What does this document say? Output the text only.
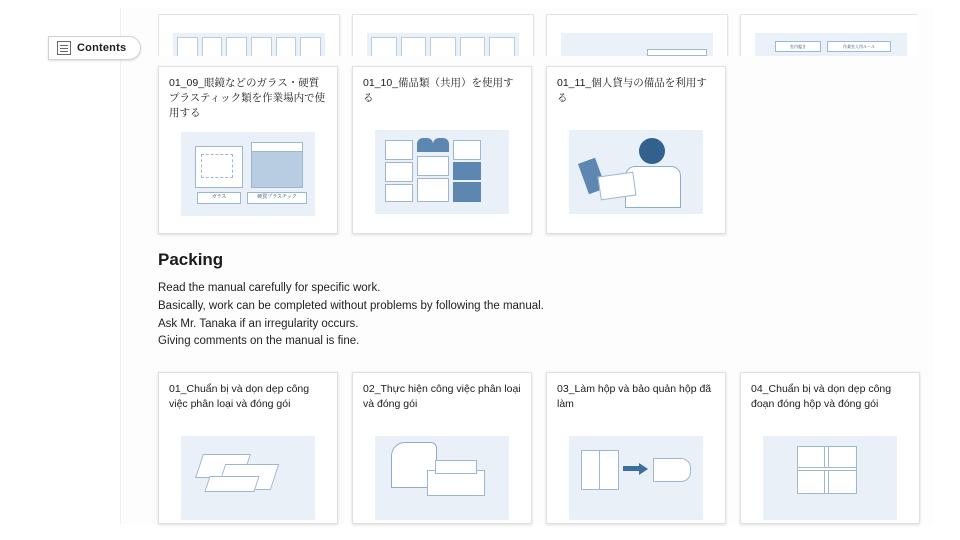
Contents	室内履き	作業室入用ルール
01_09_眼鏡などのガラス・硬質プラスティック類を作業場内で使用する
ガラス	硬質プラスチック
01_10_備品類（共用）を使用する
01_11_個人貸与の備品を利用する
Packing

Read the manual carefully for specific work.

Basically, work can be completed without problems by following the manual.

Ask Mr. Tanaka if an irregularity occurs.

Giving comments on the manual is fine.

01_Chuẩn bị và dọn dẹp công việc phân loại và đóng gói
02_Thực hiện công việc phân loại và đóng gói
03_Làm hộp và bảo quản hộp đã làm
04_Chuẩn bị và dọn dẹp công đoạn đóng hộp và đóng gói
